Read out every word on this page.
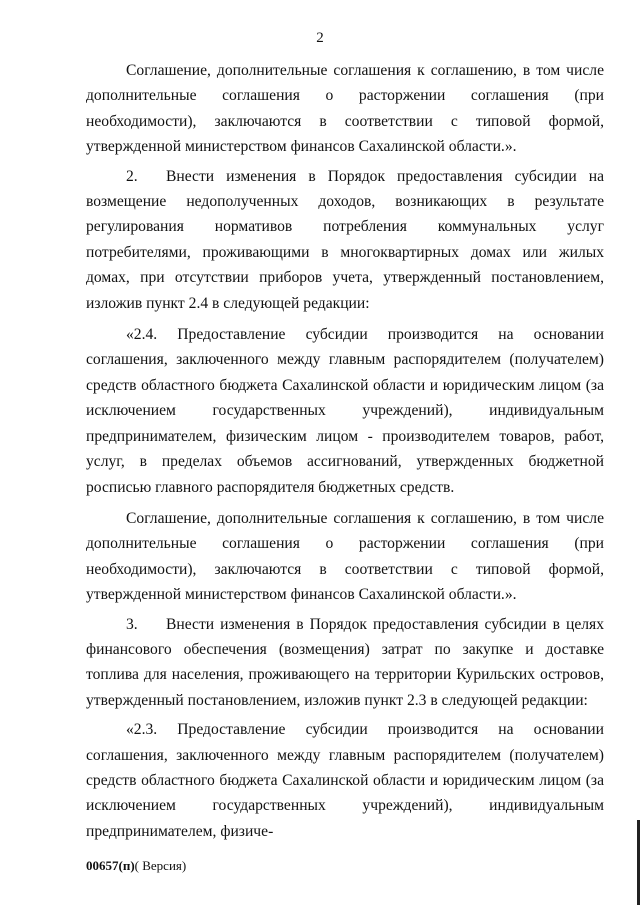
2

Соглашение, дополнительные соглашения к соглашению, в том числе дополнительные соглашения о расторжении соглашения (при необходимости), заключаются в соответствии с типовой формой, утвержденной министерством финансов Сахалинской области.».

2. Внести изменения в Порядок предоставления субсидии на возмещение недополученных доходов, возникающих в результате регулирования нормативов потребления коммунальных услуг потребителями, проживающими в многоквартирных домах или жилых домах, при отсутствии приборов учета, утвержденный постановлением, изложив пункт 2.4 в следующей редакции:

«2.4. Предоставление субсидии производится на основании соглашения, заключенного между главным распорядителем (получателем) средств областного бюджета Сахалинской области и юридическим лицом (за исключением государственных учреждений), индивидуальным предпринимателем, физическим лицом - производителем товаров, работ, услуг, в пределах объемов ассигнований, утвержденных бюджетной росписью главного распорядителя бюджетных средств.

Соглашение, дополнительные соглашения к соглашению, в том числе дополнительные соглашения о расторжении соглашения (при необходимости), заключаются в соответствии с типовой формой, утвержденной министерством финансов Сахалинской области.».

3. Внести изменения в Порядок предоставления субсидии в целях финансового обеспечения (возмещения) затрат по закупке и доставке топлива для населения, проживающего на территории Курильских островов, утвержденный постановлением, изложив пункт 2.3 в следующей редакции:

«2.3. Предоставление субсидии производится на основании соглашения, заключенного между главным распорядителем (получателем) средств областного бюджета Сахалинской области и юридическим лицом (за исключением государственных учреждений), индивидуальным предпринимателем, физиче-

00657(п)( Версия)
